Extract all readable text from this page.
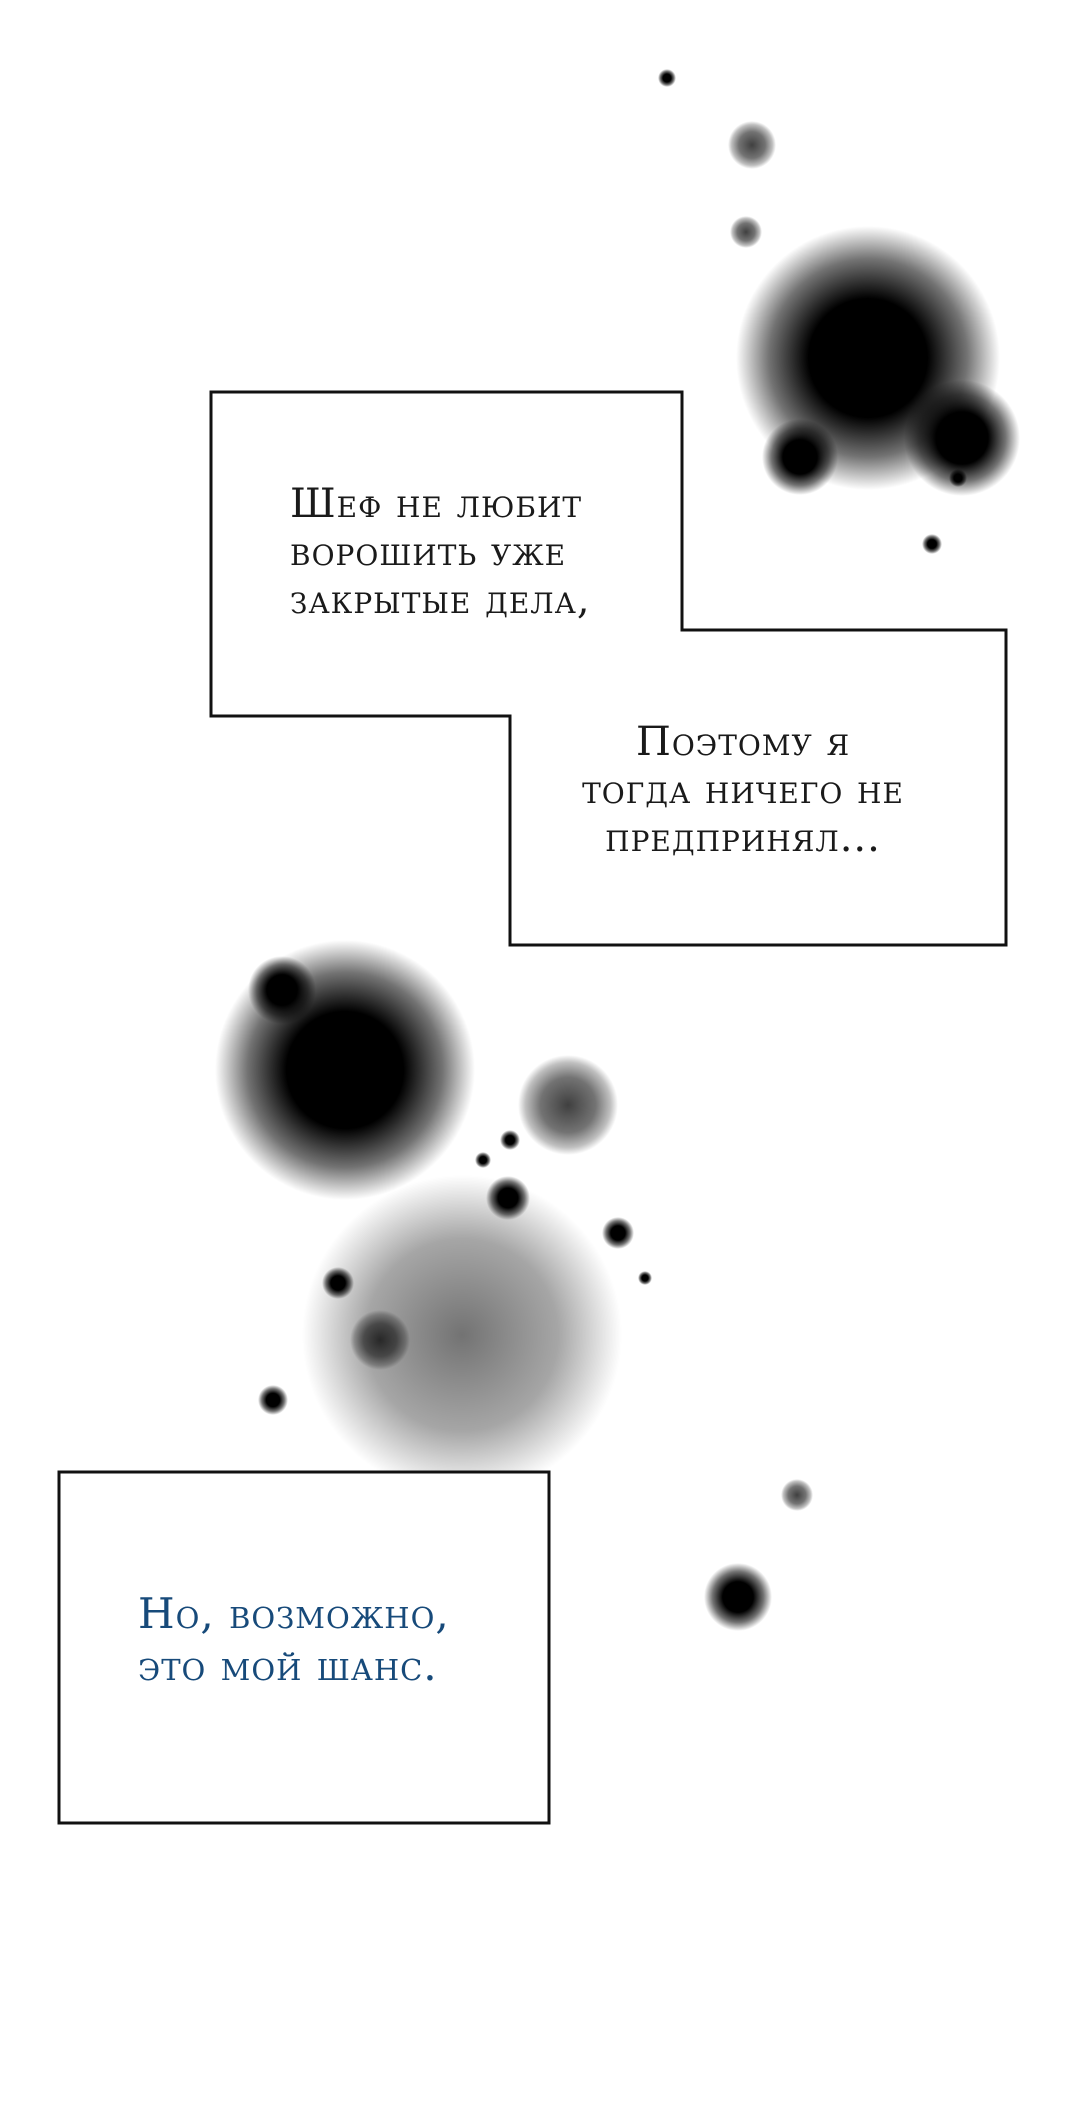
Шеф не любит
ворошить уже
закрытые дела,
Поэтому я
тогда ничего не
предпринял...
Но, возможно,
это мой шанс.
